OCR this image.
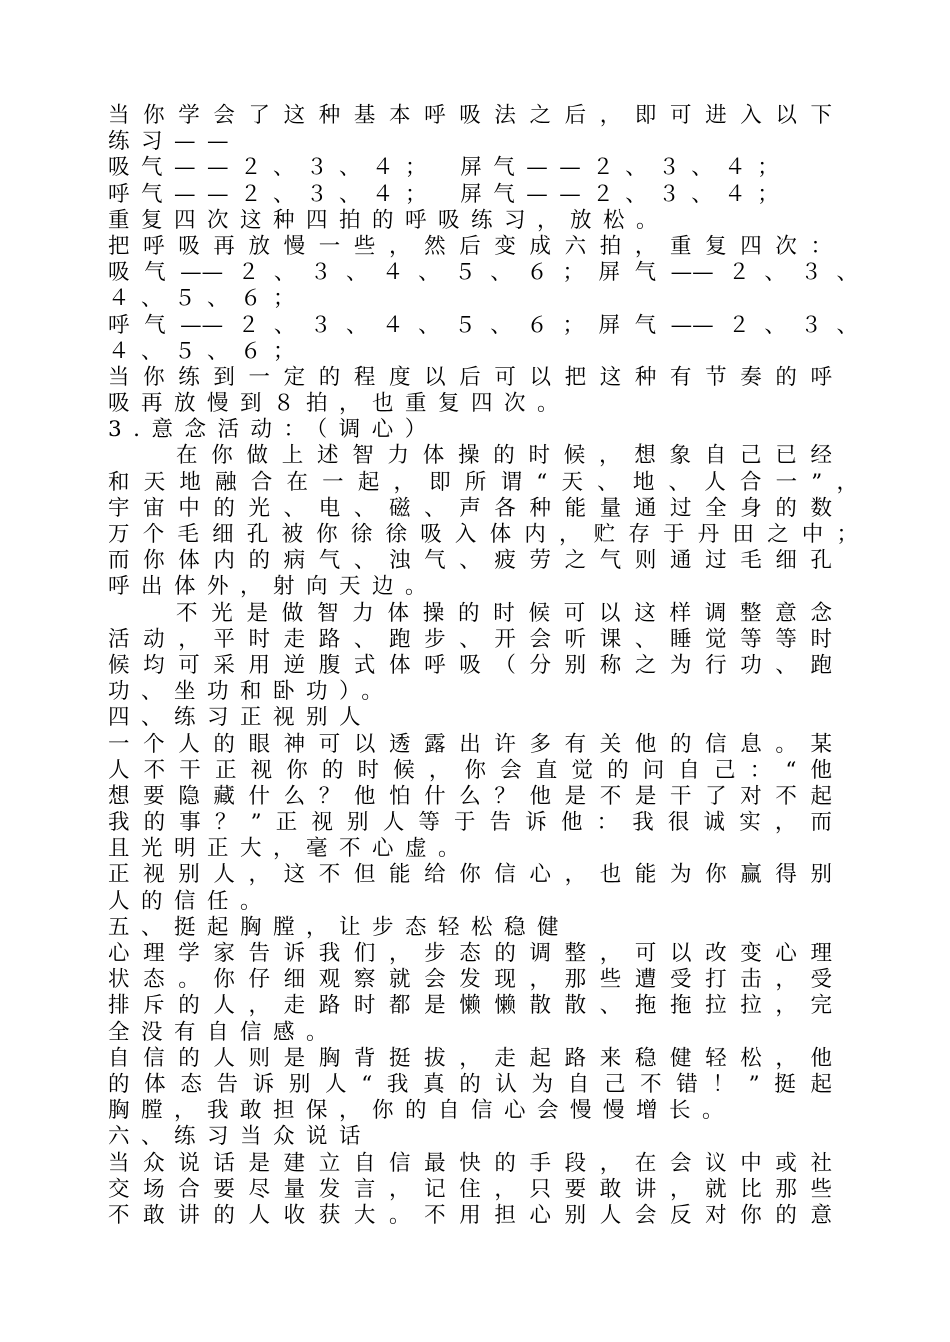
当你学会了这种基本呼吸法之后，即可进入以下
练习——
吸气——２、３、４；　屏气——２、３、４；
呼气——２、３、４；　屏气——２、３、４；
重复四次这种四拍的呼吸练习，放松。
把呼吸再放慢一些，然后变成六拍，重复四次：
吸气——２、３、４、５、６；屏气——２、３、
４、５、６；
呼气——２、３、４、５、６；屏气——２、３、
４、５、６；
当你练到一定的程度以后可以把这种有节奏的呼
吸再放慢到８拍，也重复四次。
3.意念活动：（调心）
在你做上述智力体操的时候，想象自己已经
和天地融合在一起，即所谓“天、地、人合一”，
宇宙中的光、电、磁、声各种能量通过全身的数
万个毛细孔被你徐徐吸入体内，贮存于丹田之中；
而你体内的病气、浊气、疲劳之气则通过毛细孔
呼出体外，射向天边。
不光是做智力体操的时候可以这样调整意念
活动，平时走路、跑步、开会听课、睡觉等等时
候均可采用逆腹式体呼吸（分别称之为行功、跑
功、坐功和卧功）。
四、练习正视别人
一个人的眼神可以透露出许多有关他的信息。某
人不干正视你的时候，你会直觉的问自己：“他
想要隐藏什么？他怕什么？他是不是干了对不起
我的事？”正视别人等于告诉他：我很诚实，而
且光明正大，毫不心虚。
正视别人，这不但能给你信心，也能为你赢得别
人的信任。
五、挺起胸膛，让步态轻松稳健
心理学家告诉我们，步态的调整，可以改变心理
状态。你仔细观察就会发现，那些遭受打击，受
排斥的人，走路时都是懒懒散散、拖拖拉拉，完
全没有自信感。
自信的人则是胸背挺拔，走起路来稳健轻松，他
的体态告诉别人“我真的认为自己不错！”挺起
胸膛，我敢担保，你的自信心会慢慢增长。
六、练习当众说话
当众说话是建立自信最快的手段，在会议中或社
交场合要尽量发言，记住，只要敢讲，就比那些
不敢讲的人收获大。不用担心别人会反对你的意
